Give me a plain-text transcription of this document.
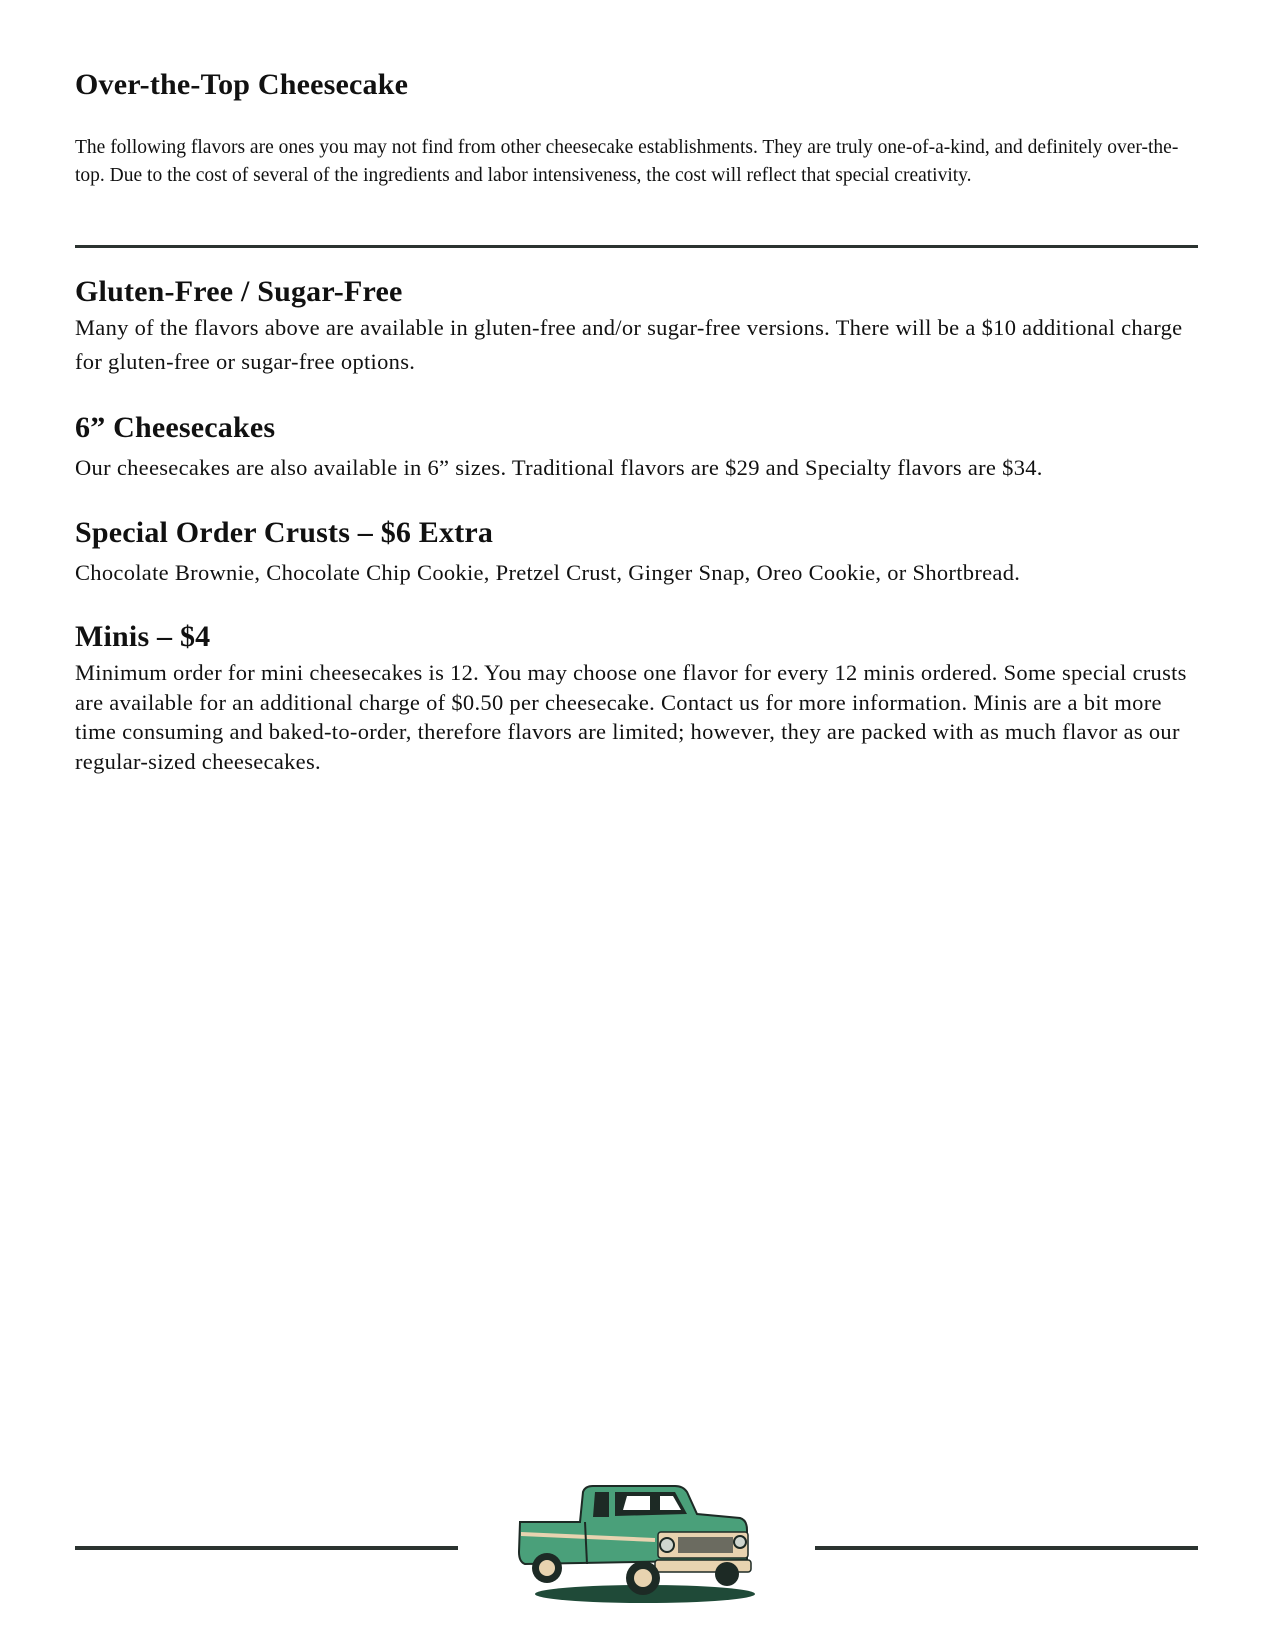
Over-the-Top Cheesecake

The following flavors are ones you may not find from other cheesecake establishments. They are truly one-of-a-kind, and definitely over-the-top. Due to the cost of several of the ingredients and labor intensiveness, the cost will reflect that special creativity.

Gluten-Free / Sugar-Free

Many of the flavors above are available in gluten-free and/or sugar-free versions. There will be a $10 additional charge for gluten-free or sugar-free options.

6” Cheesecakes

Our cheesecakes are also available in 6” sizes. Traditional flavors are $29 and Specialty flavors are $34.

Special Order Crusts – $6 Extra

Chocolate Brownie, Chocolate Chip Cookie, Pretzel Crust, Ginger Snap, Oreo Cookie, or Shortbread.

Minis – $4

Minimum order for mini cheesecakes is 12. You may choose one flavor for every 12 minis ordered. Some special crusts are available for an additional charge of $0.50 per cheesecake. Contact us for more information. Minis are a bit more time consuming and baked-to-order, therefore flavors are limited; however, they are packed with as much flavor as our regular-sized cheesecakes.
